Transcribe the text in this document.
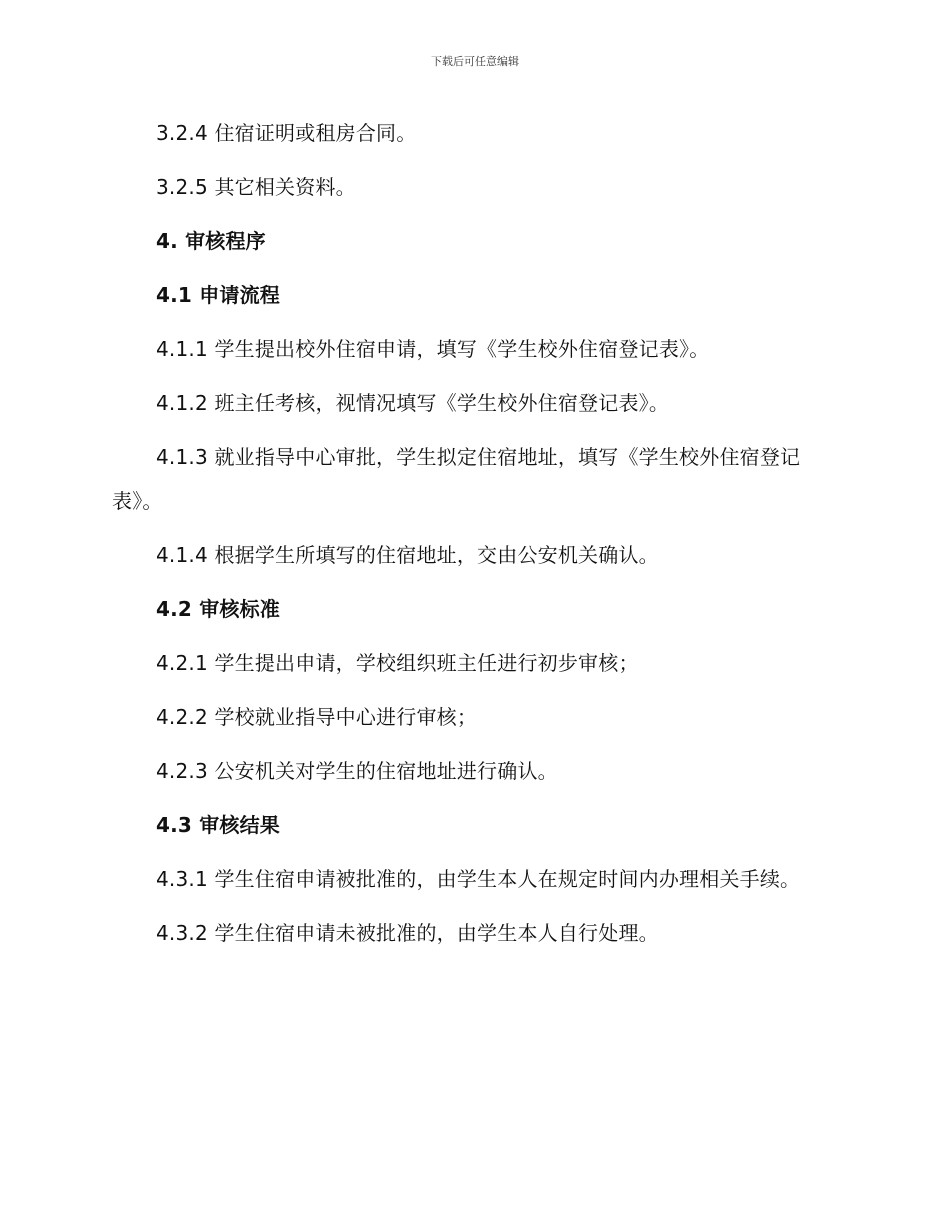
下载后可任意编辑

3.2.4 住宿证明或租房合同。

3.2.5 其它相关资料。

4. 审核程序

4.1 申请流程

4.1.1 学生提出校外住宿申请，填写《学生校外住宿登记表》。

4.1.2 班主任考核，视情况填写《学生校外住宿登记表》。

4.1.3 就业指导中心审批，学生拟定住宿地址，填写《学生校外住宿登记表》。

4.1.4 根据学生所填写的住宿地址，交由公安机关确认。

4.2 审核标准

4.2.1 学生提出申请，学校组织班主任进行初步审核；

4.2.2 学校就业指导中心进行审核；

4.2.3 公安机关对学生的住宿地址进行确认。

4.3 审核结果

4.3.1 学生住宿申请被批准的，由学生本人在规定时间内办理相关手续。

4.3.2 学生住宿申请未被批准的，由学生本人自行处理。
